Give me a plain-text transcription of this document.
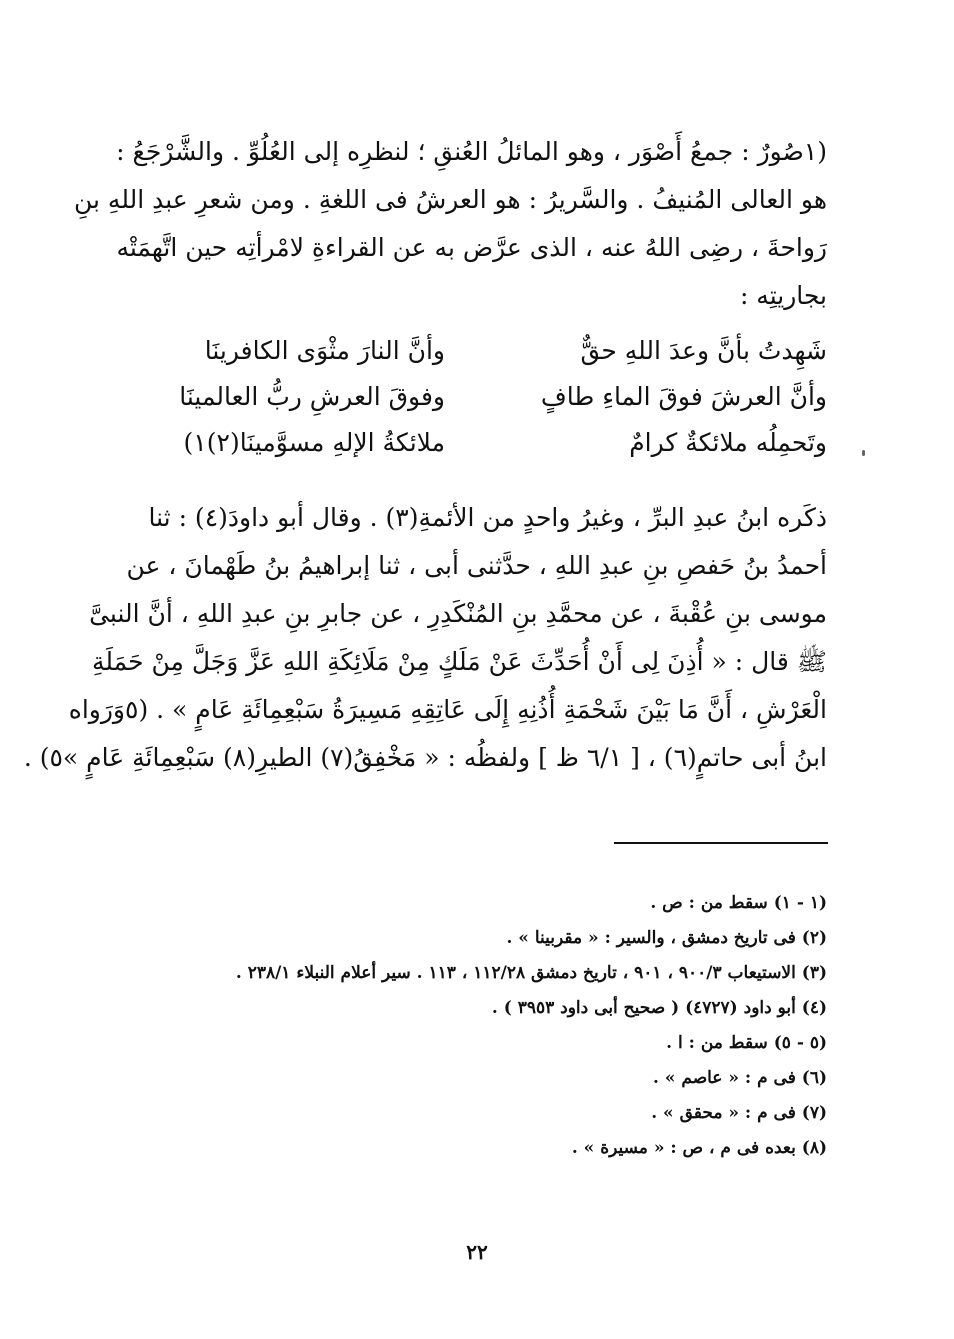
(١صُورٌ : جمعُ أَصْوَر ، وهو المائلُ العُنقِ ؛ لنظرِه إلى العُلُوِّ . والشَّرْجَعُ :
هو العالى المُنيفُ . والسَّريرُ : هو العرشُ فى اللغةِ . ومن شعرِ عبدِ اللهِ بنِ
رَواحةَ ، رضِى اللهُ عنه ، الذى عرَّض به عن القراءةِ لامْرأتِه حين اتَّهمَتْه
بجاريتِه :
شَهِدتُ بأنَّ وعدَ اللهِ حقٌّ
وأنَّ النارَ مثْوَى الكافرينَا
وأنَّ العرشَ فوقَ الماءِ طافٍ
وفوقَ العرشِ ربُّ العالمينَا
وتَحمِلُه ملائكةٌ كرامٌ
ملائكةُ الإلهِ مسوَّمينَا(٢)١)
ذكَره ابنُ عبدِ البرِّ ، وغيرُ واحدٍ من الأئمةِ(٣) . وقال أبو داودَ(٤) : ثنا
أحمدُ بنُ حَفصِ بنِ عبدِ اللهِ ، حدَّثنى أبى ، ثنا إبراهيمُ بنُ طَهْمانَ ، عن
موسى بنِ عُقْبةَ ، عن محمَّدِ بنِ المُنْكَدِرِ ، عن جابرِ بنِ عبدِ اللهِ ، أنَّ النبىَّ
ﷺ قال : « أُذِنَ لِى أَنْ أُحَدِّثَ عَنْ مَلَكٍ مِنْ مَلَائِكَةِ اللهِ عَزَّ وَجَلَّ مِنْ حَمَلَةِ
الْعَرْشِ ، أَنَّ مَا بَيْنَ شَحْمَةِ أُذُنِهِ إِلَى عَاتِقِهِ مَسِيرَةُ سَبْعِمِائَةِ عَامٍ » . (٥وَرَواه
ابنُ أبى حاتمٍ(٦) ، [ ٦/١ ظ ] ولفظُه : « مَخْفِقُ(٧) الطيرِ(٨) سَبْعِمِائَةِ عَامٍ »٥) .
(١ - ١) سقط من : ص .
(٢) فى تاريخ دمشق ، والسير : « مقربينا » .
(٣) الاستيعاب ٩٠٠/٣ ، ٩٠١ ، تاريخ دمشق ١١٢/٢٨ ، ١١٣ . سير أعلام النبلاء ٢٣٨/١ .
(٤) أبو داود (٤٧٢٧) ( صحيح أبى داود ٣٩٥٣ ) .
(٥ - ٥) سقط من : ا .
(٦) فى م : « عاصم » .
(٧) فى م : « محقق » .
(٨) بعده فى م ، ص : « مسيرة » .
٢٢
